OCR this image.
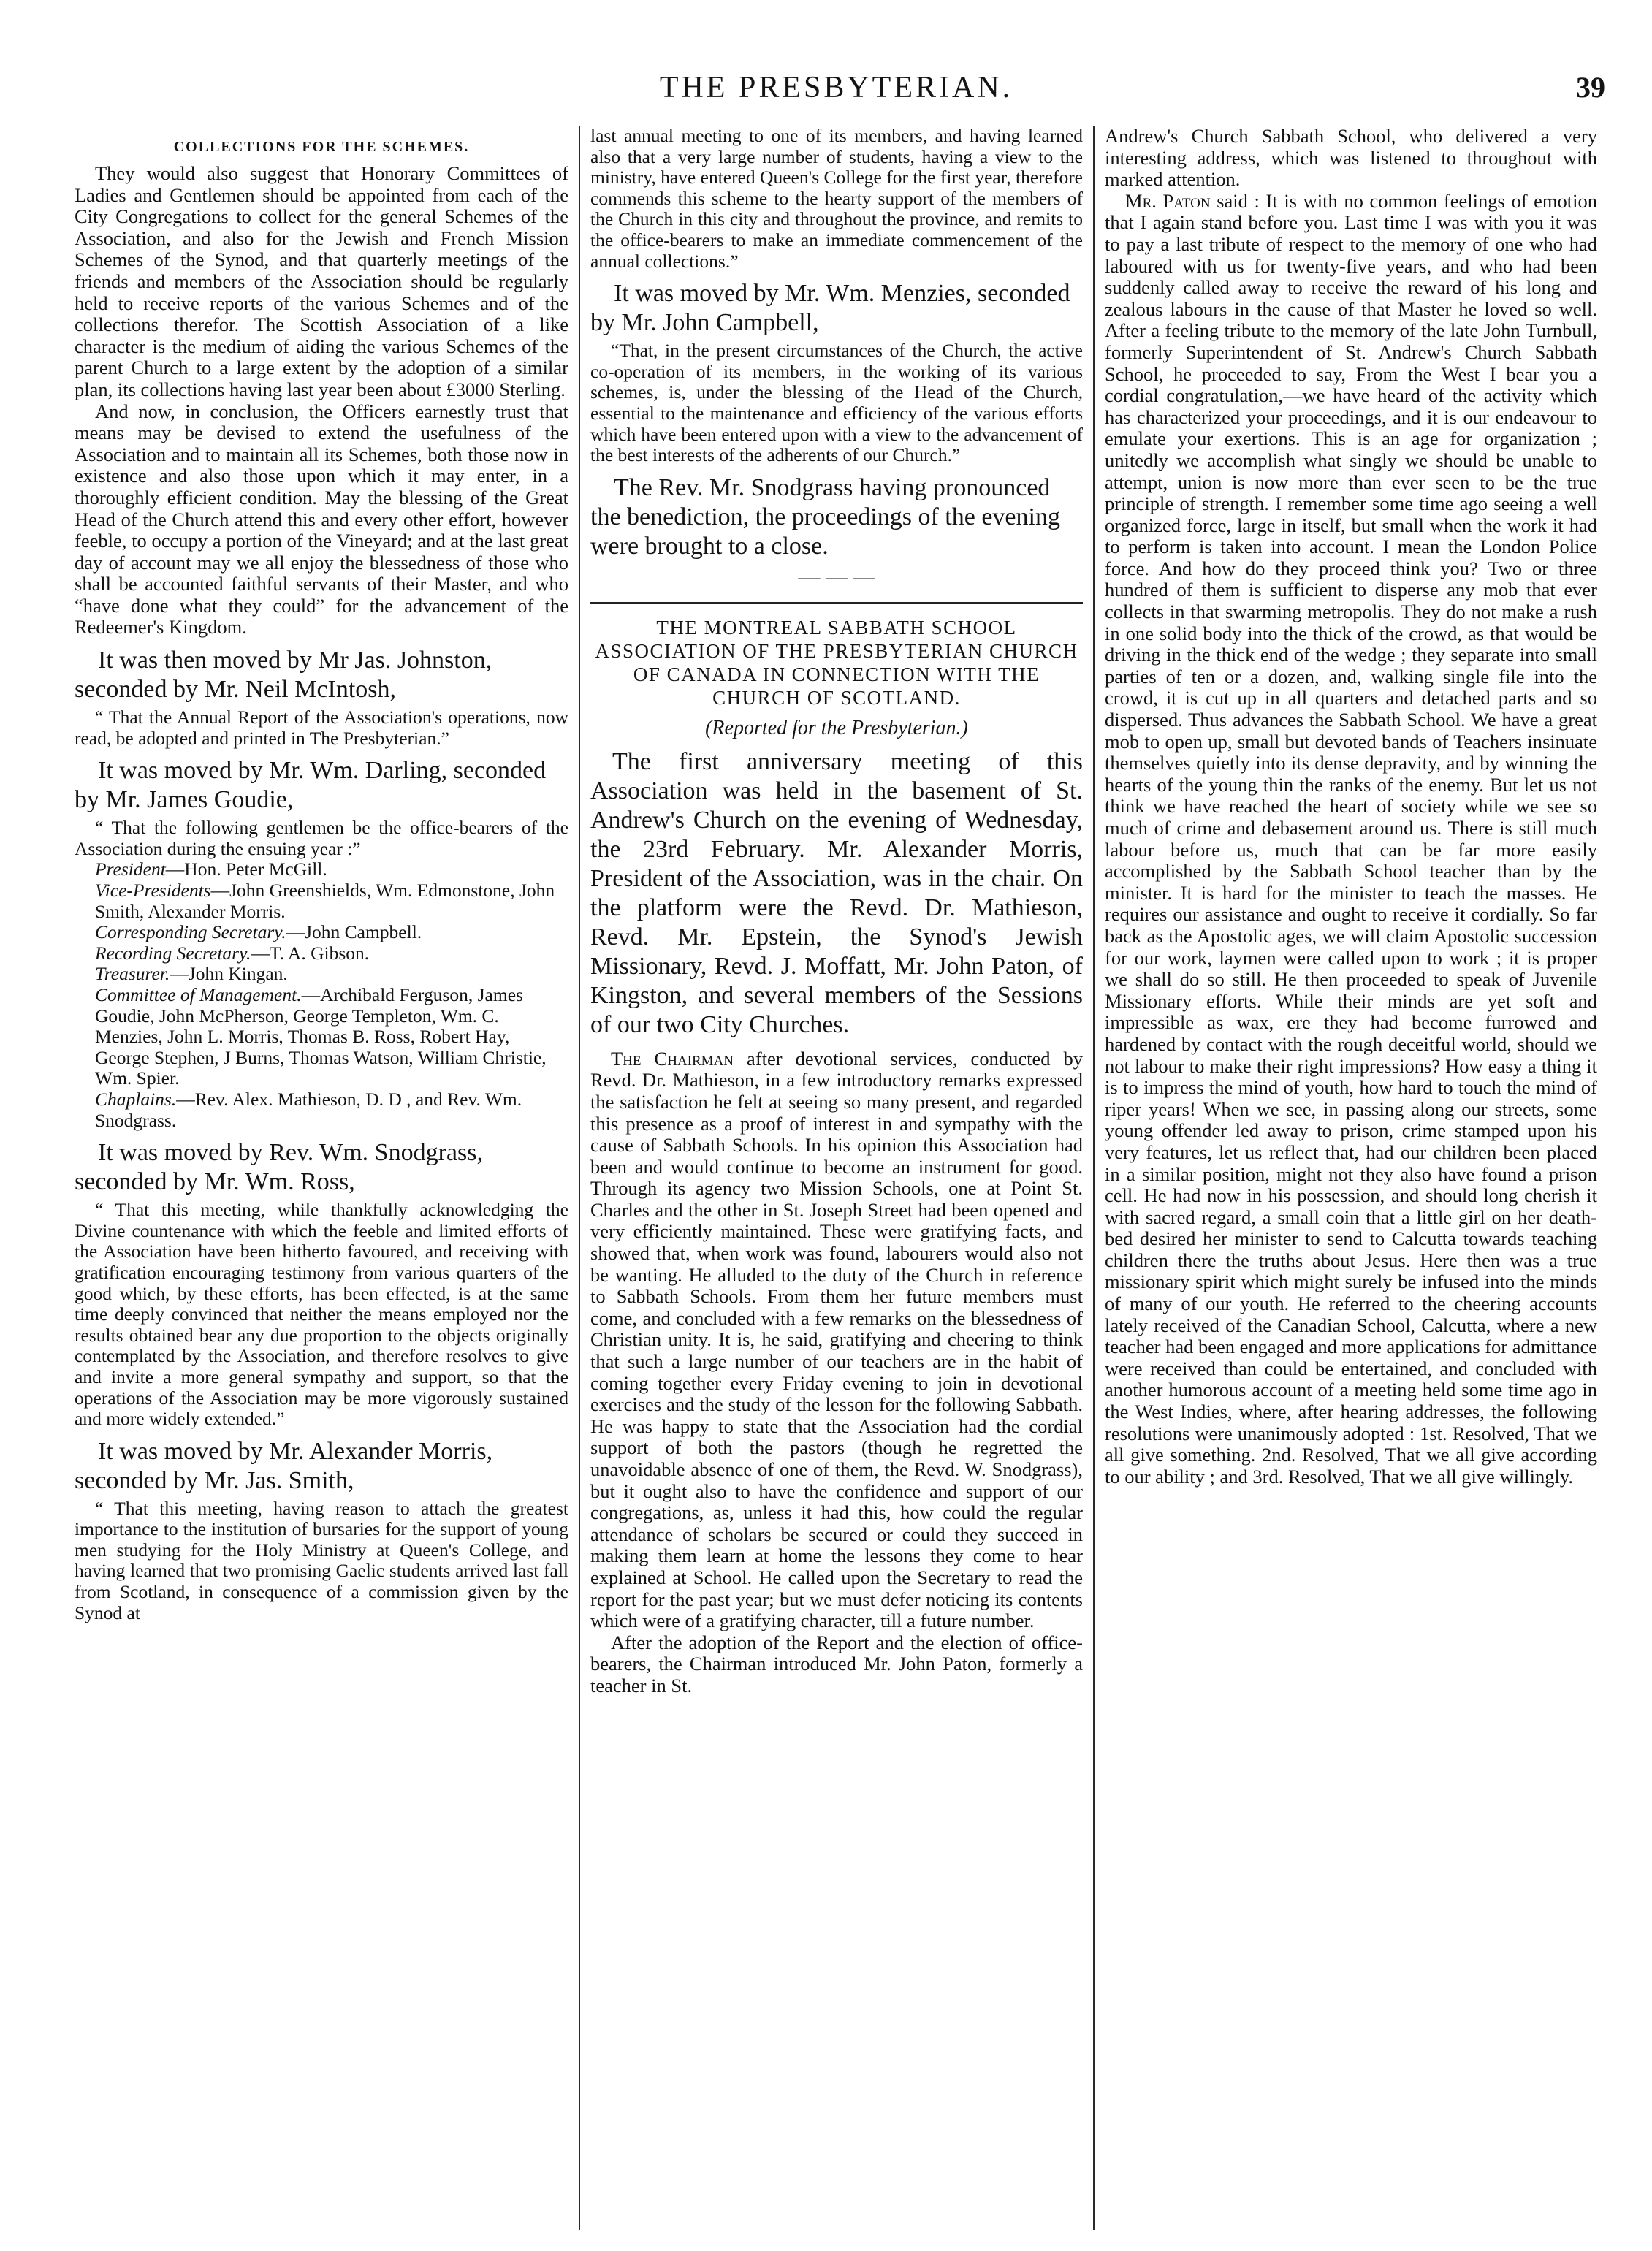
THE PRESBYTERIAN.	39
COLLECTIONS FOR THE SCHEMES.

They would also suggest that Honorary Committees of Ladies and Gentlemen should be appointed from each of the City Congregations to collect for the general Schemes of the Association, and also for the Jewish and French Mission Schemes of the Synod, and that quarterly meetings of the friends and members of the Association should be regularly held to receive reports of the various Schemes and of the collections therefor. The Scottish Association of a like character is the medium of aiding the various Schemes of the parent Church to a large extent by the adoption of a similar plan, its collections having last year been about £3000 Sterling.

And now, in conclusion, the Officers earnestly trust that means may be devised to extend the usefulness of the Association and to maintain all its Schemes, both those now in existence and also those upon which it may enter, in a thoroughly efficient condition. May the blessing of the Great Head of the Church attend this and every other effort, however feeble, to occupy a portion of the Vineyard; and at the last great day of account may we all enjoy the blessedness of those who shall be accounted faithful servants of their Master, and who “have done what they could” for the advancement of the Redeemer's Kingdom.

It was then moved by Mr Jas. Johnston, seconded by Mr. Neil McIntosh,

“ That the Annual Report of the Association's operations, now read, be adopted and printed in The Presbyterian.”

It was moved by Mr. Wm. Darling, seconded by Mr. James Goudie,

“ That the following gentlemen be the office-bearers of the Association during the ensuing year :”

President—Hon. Peter McGill.

Vice-Presidents—John Greenshields, Wm. Edmonstone, John Smith, Alexander Morris.

Corresponding Secretary.—John Campbell.

Recording Secretary.—T. A. Gibson.

Treasurer.—John Kingan.

Committee of Management.—Archibald Ferguson, James Goudie, John McPherson, George Templeton, Wm. C. Menzies, John L. Morris, Thomas B. Ross, Robert Hay, George Stephen, J Burns, Thomas Watson, William Christie, Wm. Spier.

Chaplains.—Rev. Alex. Mathieson, D. D , and Rev. Wm. Snodgrass.

It was moved by Rev. Wm. Snodgrass, seconded by Mr. Wm. Ross,

“ That this meeting, while thankfully acknowledging the Divine countenance with which the feeble and limited efforts of the Association have been hitherto favoured, and receiving with gratification encouraging testimony from various quarters of the good which, by these efforts, has been effected, is at the same time deeply convinced that neither the means employed nor the results obtained bear any due proportion to the objects originally contemplated by the Association, and therefore resolves to give and invite a more general sympathy and support, so that the operations of the Association may be more vigorously sustained and more widely extended.”

It was moved by Mr. Alexander Morris, seconded by Mr. Jas. Smith,

“ That this meeting, having reason to attach the greatest importance to the institution of bursaries for the support of young men studying for the Holy Ministry at Queen's College, and having learned that two promising Gaelic students arrived last fall from Scotland, in consequence of a commission given by the Synod at

last annual meeting to one of its members, and having learned also that a very large number of students, having a view to the ministry, have entered Queen's College for the first year, therefore commends this scheme to the hearty support of the members of the Church in this city and throughout the province, and remits to the office-bearers to make an immediate commencement of the annual collections.”

It was moved by Mr. Wm. Menzies, seconded by Mr. John Campbell,

“That, in the present circumstances of the Church, the active co-operation of its members, in the working of its various schemes, is, under the blessing of the Head of the Church, essential to the maintenance and efficiency of the various efforts which have been entered upon with a view to the advancement of the best interests of the adherents of our Church.”

The Rev. Mr. Snodgrass having pronounced the benediction, the proceedings of the evening were brought to a close.

— — —
THE MONTREAL SABBATH SCHOOL ASSOCIATION OF THE PRESBYTERIAN CHURCH OF CANADA IN CONNECTION WITH THE CHURCH OF SCOTLAND.
(Reported for the Presbyterian.)

The first anniversary meeting of this Association was held in the basement of St. Andrew's Church on the evening of Wednesday, the 23rd February. Mr. Alexander Morris, President of the Association, was in the chair. On the platform were the Revd. Dr. Mathieson, Revd. Mr. Epstein, the Synod's Jewish Missionary, Revd. J. Moffatt, Mr. John Paton, of Kingston, and several members of the Sessions of our two City Churches.

The Chairman after devotional services, conducted by Revd. Dr. Mathieson, in a few introductory remarks expressed the satisfaction he felt at seeing so many present, and regarded this presence as a proof of interest in and sympathy with the cause of Sabbath Schools. In his opinion this Association had been and would continue to become an instrument for good. Through its agency two Mission Schools, one at Point St. Charles and the other in St. Joseph Street had been opened and very efficiently maintained. These were gratifying facts, and showed that, when work was found, labourers would also not be wanting. He alluded to the duty of the Church in reference to Sabbath Schools. From them her future members must come, and concluded with a few remarks on the blessedness of Christian unity. It is, he said, gratifying and cheering to think that such a large number of our teachers are in the habit of coming together every Friday evening to join in devotional exercises and the study of the lesson for the following Sabbath. He was happy to state that the Association had the cordial support of both the pastors (though he regretted the unavoidable absence of one of them, the Revd. W. Snodgrass), but it ought also to have the confidence and support of our congregations, as, unless it had this, how could the regular attendance of scholars be secured or could they succeed in making them learn at home the lessons they come to hear explained at School. He called upon the Secretary to read the report for the past year; but we must defer noticing its contents which were of a gratifying character, till a future number.

After the adoption of the Report and the election of office-bearers, the Chairman introduced Mr. John Paton, formerly a teacher in St.

Andrew's Church Sabbath School, who delivered a very interesting address, which was listened to throughout with marked attention.

Mr. Paton said : It is with no common feelings of emotion that I again stand before you. Last time I was with you it was to pay a last tribute of respect to the memory of one who had laboured with us for twenty-five years, and who had been suddenly called away to receive the reward of his long and zealous labours in the cause of that Master he loved so well. After a feeling tribute to the memory of the late John Turnbull, formerly Superintendent of St. Andrew's Church Sabbath School, he proceeded to say, From the West I bear you a cordial congratulation,—we have heard of the activity which has characterized your proceedings, and it is our endeavour to emulate your exertions. This is an age for organization ; unitedly we accomplish what singly we should be unable to attempt, union is now more than ever seen to be the true principle of strength. I remember some time ago seeing a well organized force, large in itself, but small when the work it had to perform is taken into account. I mean the London Police force. And how do they proceed think you? Two or three hundred of them is sufficient to disperse any mob that ever collects in that swarming metropolis. They do not make a rush in one solid body into the thick of the crowd, as that would be driving in the thick end of the wedge ; they separate into small parties of ten or a dozen, and, walking single file into the crowd, it is cut up in all quarters and detached parts and so dispersed. Thus advances the Sabbath School. We have a great mob to open up, small but devoted bands of Teachers insinuate themselves quietly into its dense depravity, and by winning the hearts of the young thin the ranks of the enemy. But let us not think we have reached the heart of society while we see so much of crime and debasement around us. There is still much labour before us, much that can be far more easily accomplished by the Sabbath School teacher than by the minister. It is hard for the minister to teach the masses. He requires our assistance and ought to receive it cordially. So far back as the Apostolic ages, we will claim Apostolic succession for our work, laymen were called upon to work ; it is proper we shall do so still. He then proceeded to speak of Juvenile Missionary efforts. While their minds are yet soft and impressible as wax, ere they had become furrowed and hardened by contact with the rough deceitful world, should we not labour to make their right impressions? How easy a thing it is to impress the mind of youth, how hard to touch the mind of riper years! When we see, in passing along our streets, some young offender led away to prison, crime stamped upon his very features, let us reflect that, had our children been placed in a similar position, might not they also have found a prison cell. He had now in his possession, and should long cherish it with sacred regard, a small coin that a little girl on her death-bed desired her minister to send to Calcutta towards teaching children there the truths about Jesus. Here then was a true missionary spirit which might surely be infused into the minds of many of our youth. He referred to the cheering accounts lately received of the Canadian School, Calcutta, where a new teacher had been engaged and more applications for admittance were received than could be entertained, and concluded with another humorous account of a meeting held some time ago in the West Indies, where, after hearing addresses, the following resolutions were unanimously adopted : 1st. Resolved, That we all give something. 2nd. Resolved, That we all give according to our ability ; and 3rd. Resolved, That we all give willingly.
